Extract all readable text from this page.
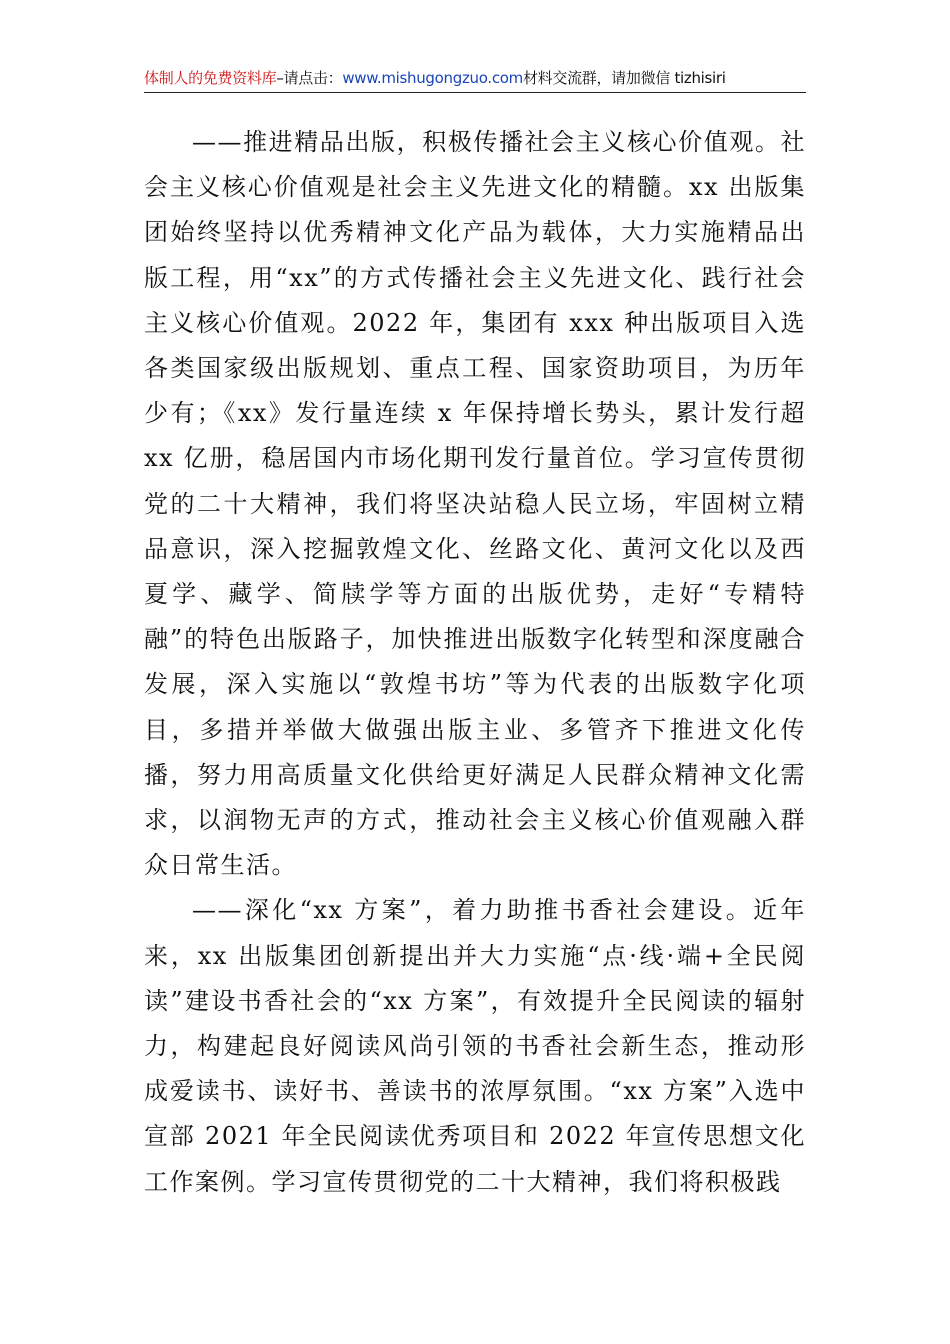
体制人的免费资料库–请点击：www.mishugongzuo.com材料交流群，请加微信 tizhisiri

——推进精品出版，积极传播社会主义核心价值观。社会主义核心价值观是社会主义先进文化的精髓。xx 出版集团始终坚持以优秀精神文化产品为载体，大力实施精品出版工程，用“xx”的方式传播社会主义先进文化、践行社会主义核心价值观。2022 年，集团有 xxx 种出版项目入选各类国家级出版规划、重点工程、国家资助项目，为历年少有；《xx》发行量连续 x 年保持增长势头，累计发行超 xx 亿册，稳居国内市场化期刊发行量首位。学习宣传贯彻党的二十大精神，我们将坚决站稳人民立场，牢固树立精品意识，深入挖掘敦煌文化、丝路文化、黄河文化以及西夏学、藏学、简牍学等方面的出版优势，走好“专精特融”的特色出版路子，加快推进出版数字化转型和深度融合发展，深入实施以“敦煌书坊”等为代表的出版数字化项目，多措并举做大做强出版主业、多管齐下推进文化传播，努力用高质量文化供给更好满足人民群众精神文化需求，以润物无声的方式，推动社会主义核心价值观融入群众日常生活。

——深化“xx 方案”，着力助推书香社会建设。近年来，xx 出版集团创新提出并大力实施“点·线·端+全民阅读”建设书香社会的“xx 方案”，有效提升全民阅读的辐射力，构建起良好阅读风尚引领的书香社会新生态，推动形成爱读书、读好书、善读书的浓厚氛围。“xx 方案”入选中宣部 2021 年全民阅读优秀项目和 2022 年宣传思想文化工作案例。学习宣传贯彻党的二十大精神，我们将积极践
